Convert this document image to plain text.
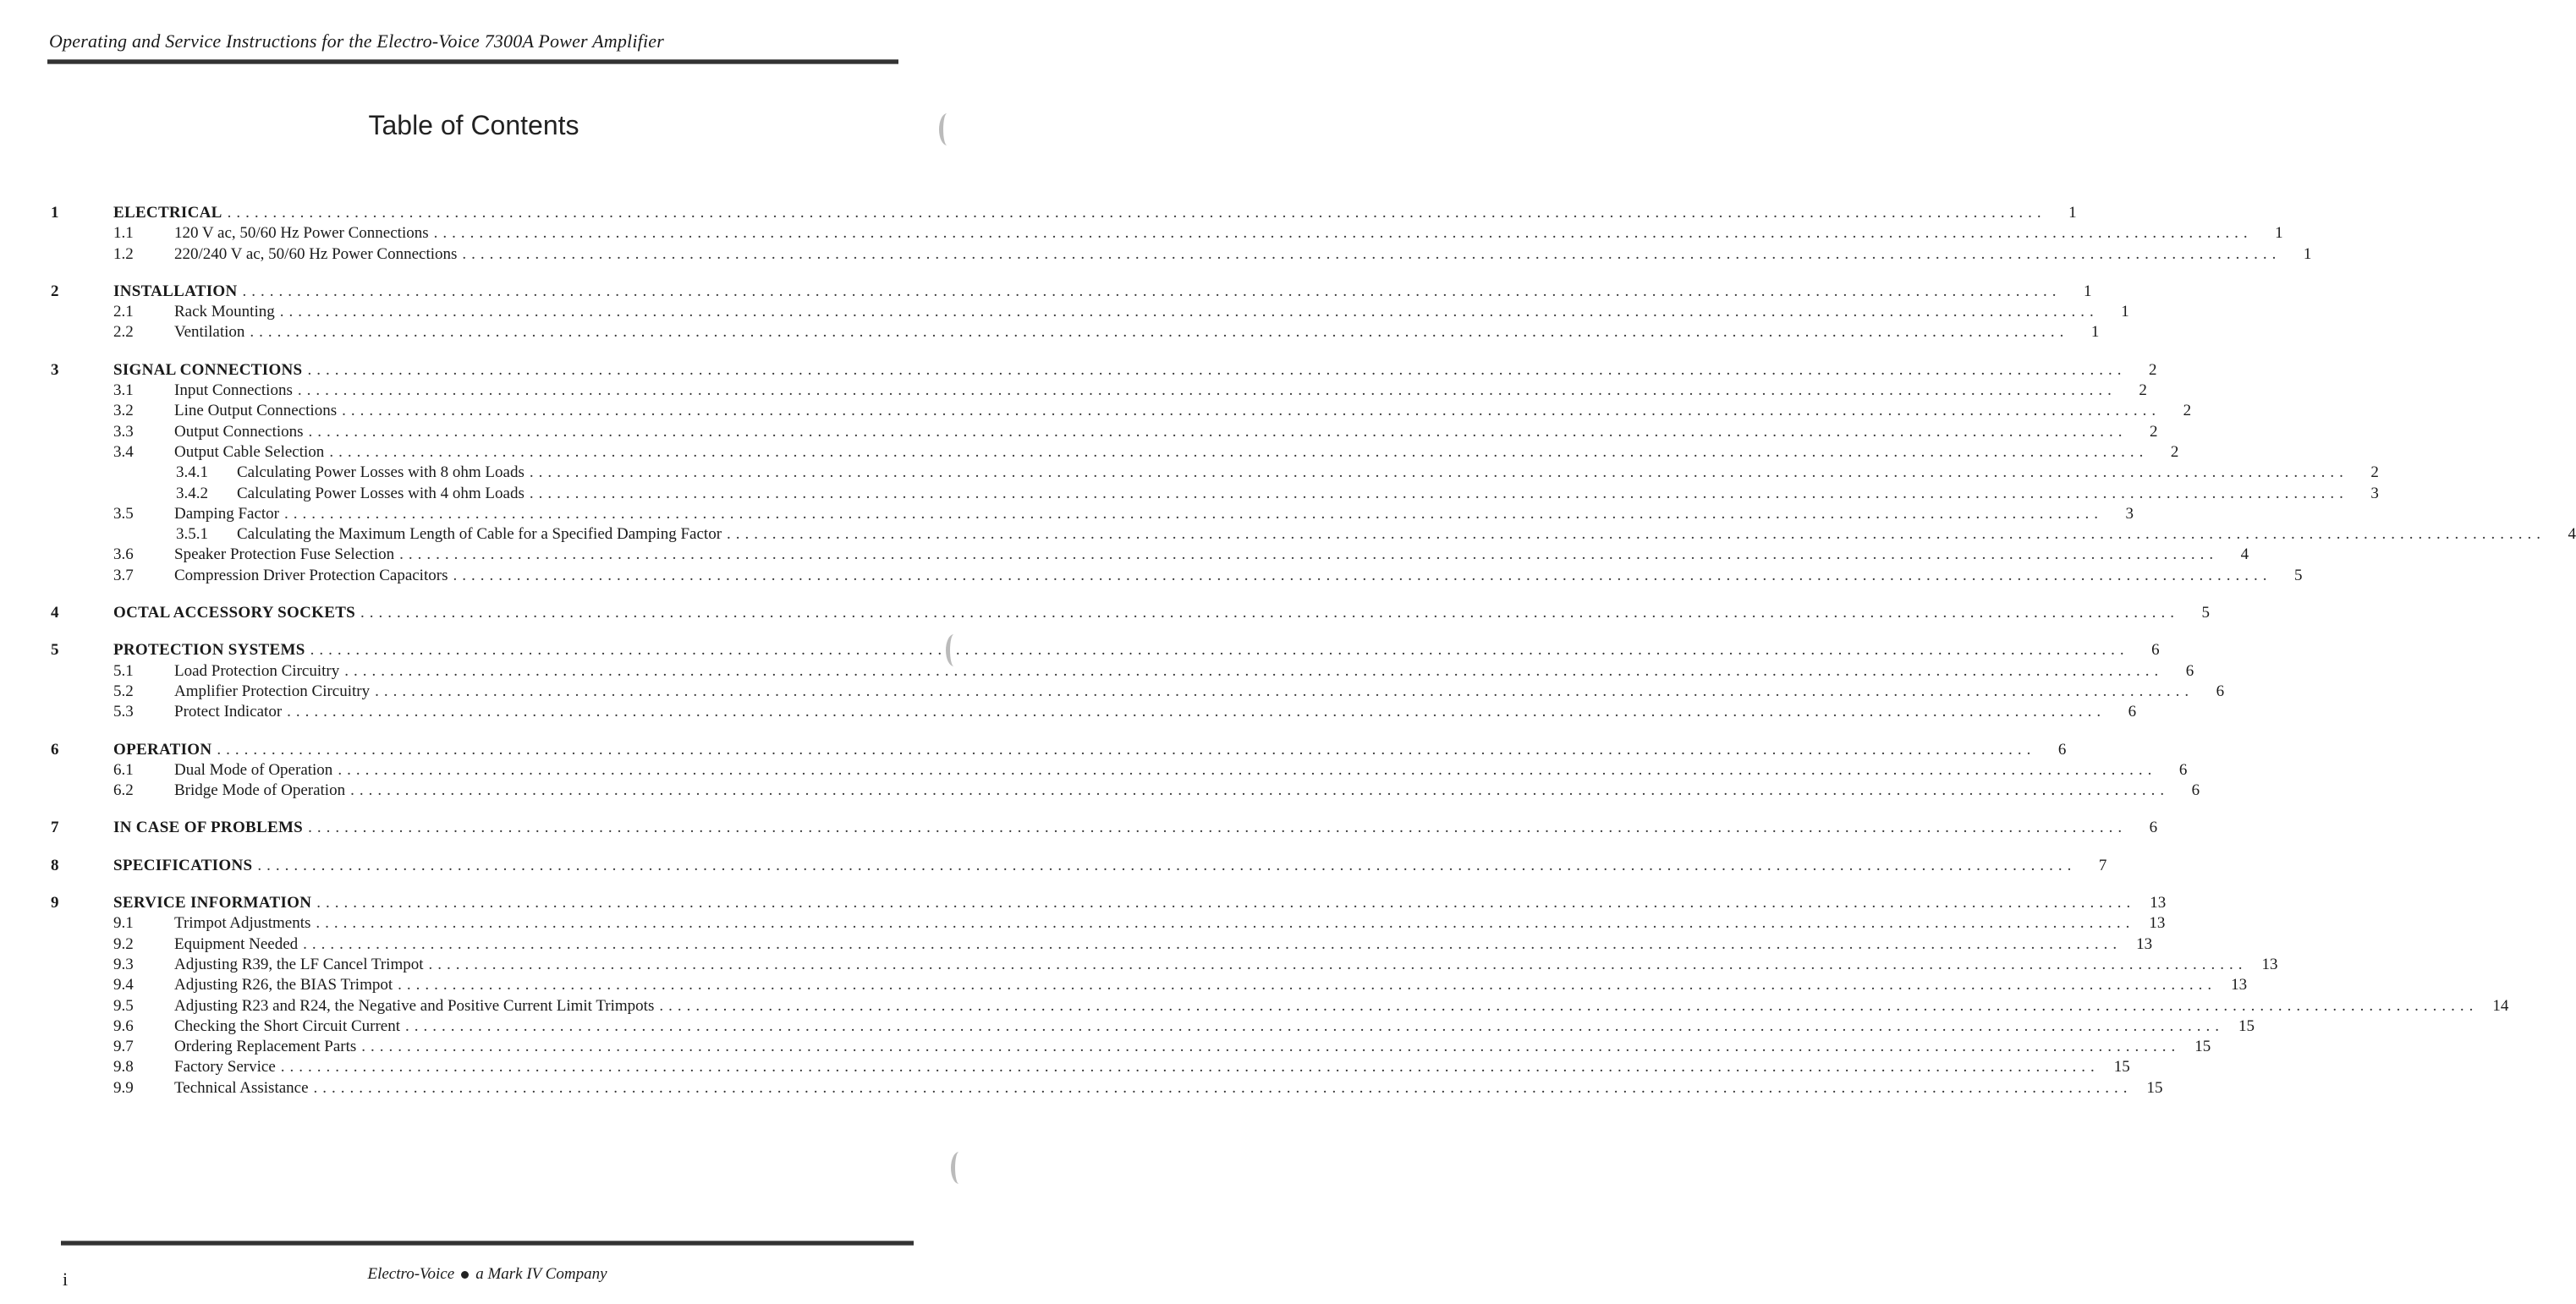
Operating and Service Instructions for the Electro-Voice 7300A Power Amplifier
Table of Contents
1	ELECTRICAL ........................................................................................................................................................................................................	1
1.1	120 V ac, 50/60 Hz Power Connections ........................................................................................................................................................................................................	1
1.2	220/240 V ac, 50/60 Hz Power Connections ........................................................................................................................................................................................................	1
2	INSTALLATION ........................................................................................................................................................................................................	1
2.1	Rack Mounting ........................................................................................................................................................................................................	1
2.2	Ventilation ........................................................................................................................................................................................................	1
3	SIGNAL CONNECTIONS ........................................................................................................................................................................................................	2
3.1	Input Connections ........................................................................................................................................................................................................	2
3.2	Line Output Connections ........................................................................................................................................................................................................	2
3.3	Output Connections ........................................................................................................................................................................................................	2
3.4	Output Cable Selection ........................................................................................................................................................................................................	2
3.4.1	Calculating Power Losses with 8 ohm Loads ........................................................................................................................................................................................................	2
3.4.2	Calculating Power Losses with 4 ohm Loads ........................................................................................................................................................................................................	3
3.5	Damping Factor ........................................................................................................................................................................................................	3
3.5.1	Calculating the Maximum Length of Cable for a Specified Damping Factor ........................................................................................................................................................................................................	4
3.6	Speaker Protection Fuse Selection ........................................................................................................................................................................................................	4
3.7	Compression Driver Protection Capacitors ........................................................................................................................................................................................................	5
4	OCTAL ACCESSORY SOCKETS ........................................................................................................................................................................................................	5
5	PROTECTION SYSTEMS ........................................................................................................................................................................................................	6
5.1	Load Protection Circuitry ........................................................................................................................................................................................................	6
5.2	Amplifier Protection Circuitry ........................................................................................................................................................................................................	6
5.3	Protect Indicator ........................................................................................................................................................................................................	6
6	OPERATION ........................................................................................................................................................................................................	6
6.1	Dual Mode of Operation ........................................................................................................................................................................................................	6
6.2	Bridge Mode of Operation ........................................................................................................................................................................................................	6
7	IN CASE OF PROBLEMS ........................................................................................................................................................................................................	6
8	SPECIFICATIONS ........................................................................................................................................................................................................	7
9	SERVICE INFORMATION ........................................................................................................................................................................................................ 13
9.1	Trimpot Adjustments ........................................................................................................................................................................................................ 13
9.2	Equipment Needed ........................................................................................................................................................................................................ 13
9.3	Adjusting R39, the LF Cancel Trimpot ........................................................................................................................................................................................................ 13
9.4	Adjusting R26, the BIAS Trimpot ........................................................................................................................................................................................................ 13
9.5	Adjusting R23 and R24, the Negative and Positive Current Limit Trimpots ........................................................................................................................................................................................................ 14
9.6	Checking the Short Circuit Current ........................................................................................................................................................................................................ 15
9.7	Ordering Replacement Parts ........................................................................................................................................................................................................ 15
9.8	Factory Service ........................................................................................................................................................................................................ 15
9.9	Technical Assistance ........................................................................................................................................................................................................ 15
i	Electro-Voice a Mark IV Company
